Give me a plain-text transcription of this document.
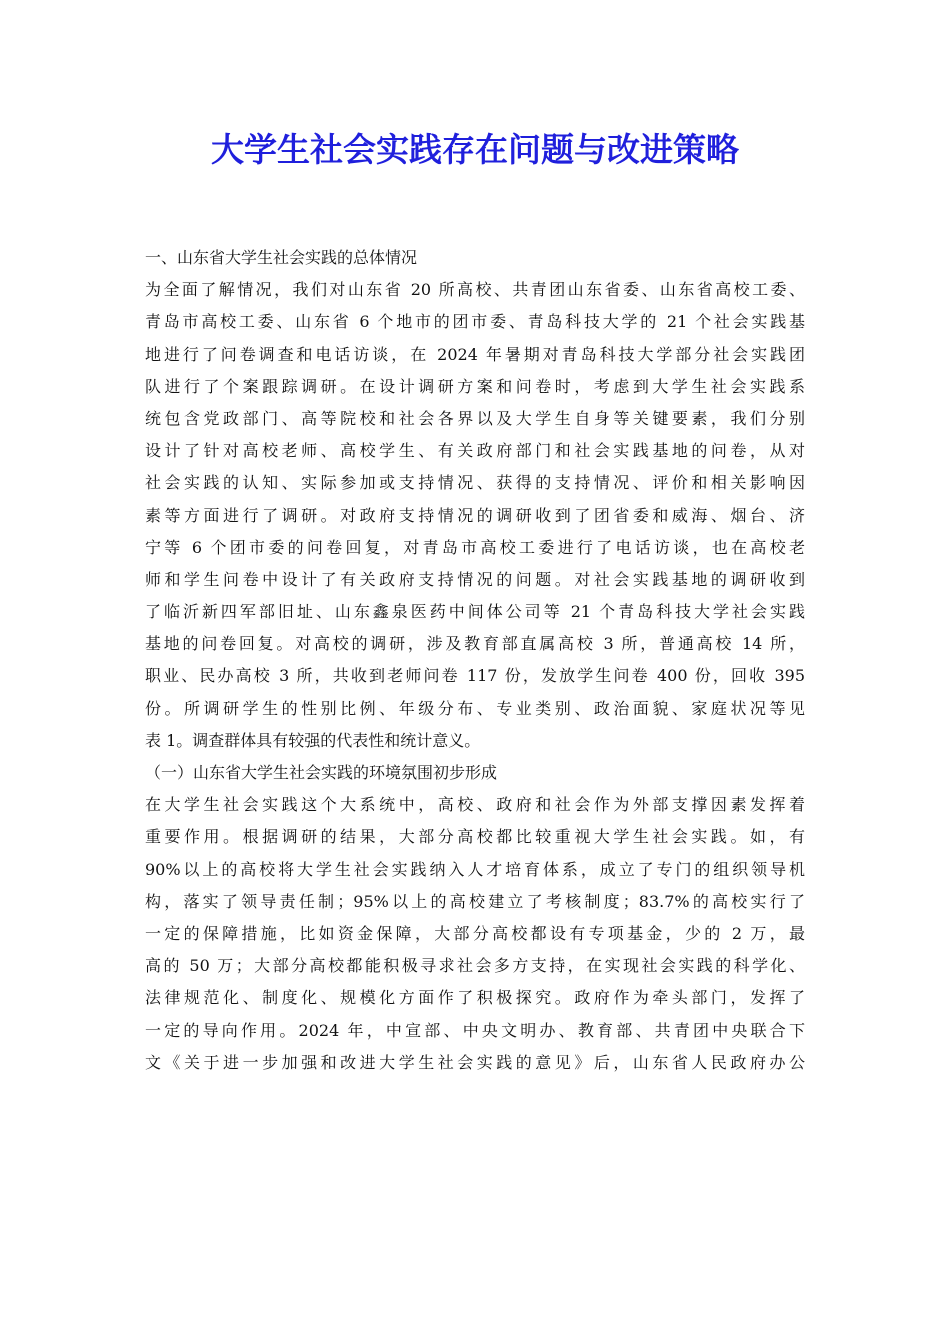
大学生社会实践存在问题与改进策略
一、山东省大学生社会实践的总体情况
为全面了解情况，我们对山东省 20 所高校、共青团山东省委、山东省高校工委、
青岛市高校工委、山东省 6 个地市的团市委、青岛科技大学的 21 个社会实践基
地进行了问卷调查和电话访谈，在 2024 年暑期对青岛科技大学部分社会实践团
队进行了个案跟踪调研。在设计调研方案和问卷时，考虑到大学生社会实践系
统包含党政部门、高等院校和社会各界以及大学生自身等关键要素，我们分别
设计了针对高校老师、高校学生、有关政府部门和社会实践基地的问卷，从对
社会实践的认知、实际参加或支持情况、获得的支持情况、评价和相关影响因
素等方面进行了调研。对政府支持情况的调研收到了团省委和威海、烟台、济
宁等 6 个团市委的问卷回复，对青岛市高校工委进行了电话访谈，也在高校老
师和学生问卷中设计了有关政府支持情况的问题。对社会实践基地的调研收到
了临沂新四军部旧址、山东鑫泉医药中间体公司等 21 个青岛科技大学社会实践
基地的问卷回复。对高校的调研，涉及教育部直属高校 3 所，普通高校 14 所，
职业、民办高校 3 所，共收到老师问卷 117 份，发放学生问卷 400 份，回收 395
份。所调研学生的性别比例、年级分布、专业类别、政治面貌、家庭状况等见
表 1。调查群体具有较强的代表性和统计意义。
（一）山东省大学生社会实践的环境氛围初步形成
在大学生社会实践这个大系统中，高校、政府和社会作为外部支撑因素发挥着
重要作用。根据调研的结果，大部分高校都比较重视大学生社会实践。如，有
90%以上的高校将大学生社会实践纳入人才培育体系，成立了专门的组织领导机
构，落实了领导责任制；95%以上的高校建立了考核制度；83.7%的高校实行了
一定的保障措施，比如资金保障，大部分高校都设有专项基金，少的 2 万，最
高的 50 万；大部分高校都能积极寻求社会多方支持，在实现社会实践的科学化、
法律规范化、制度化、规模化方面作了积极探究。政府作为牵头部门，发挥了
一定的导向作用。2024 年，中宣部、中央文明办、教育部、共青团中央联合下
文《关于进一步加强和改进大学生社会实践的意见》后，山东省人民政府办公
